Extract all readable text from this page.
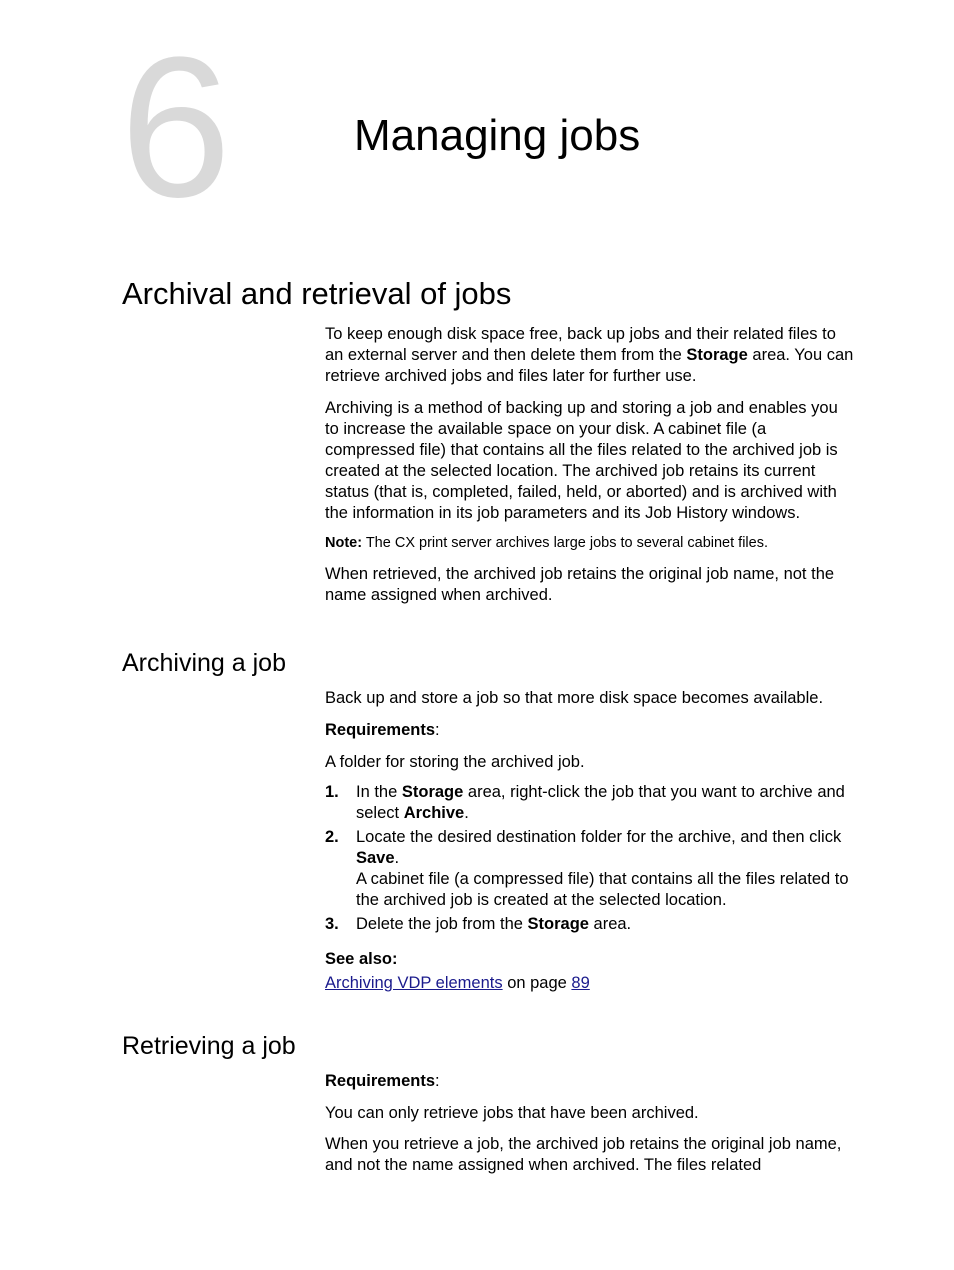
6	Managing jobs
Archival and retrieval of jobs

To keep enough disk space free, back up jobs and their related files to an external server and then delete them from the Storage area. You can retrieve archived jobs and files later for further use.

Archiving is a method of backing up and storing a job and enables you to increase the available space on your disk. A cabinet file (a compressed file) that contains all the files related to the archived job is created at the selected location. The archived job retains its current status (that is, completed, failed, held, or aborted) and is archived with the information in its job parameters and its Job History windows.

Note: The CX print server archives large jobs to several cabinet files.

When retrieved, the archived job retains the original job name, not the name assigned when archived.

Archiving a job

Back up and store a job so that more disk space becomes available.

Requirements:

A folder for storing the archived job.

1. In the Storage area, right-click the job that you want to archive and select Archive.
2. Locate the desired destination folder for the archive, and then click Save.
A cabinet file (a compressed file) that contains all the files related to the archived job is created at the selected location.
3. Delete the job from the Storage area.

See also:

Archiving VDP elements on page 89

Retrieving a job

Requirements:

You can only retrieve jobs that have been archived.

When you retrieve a job, the archived job retains the original job name, and not the name assigned when archived. The files related
